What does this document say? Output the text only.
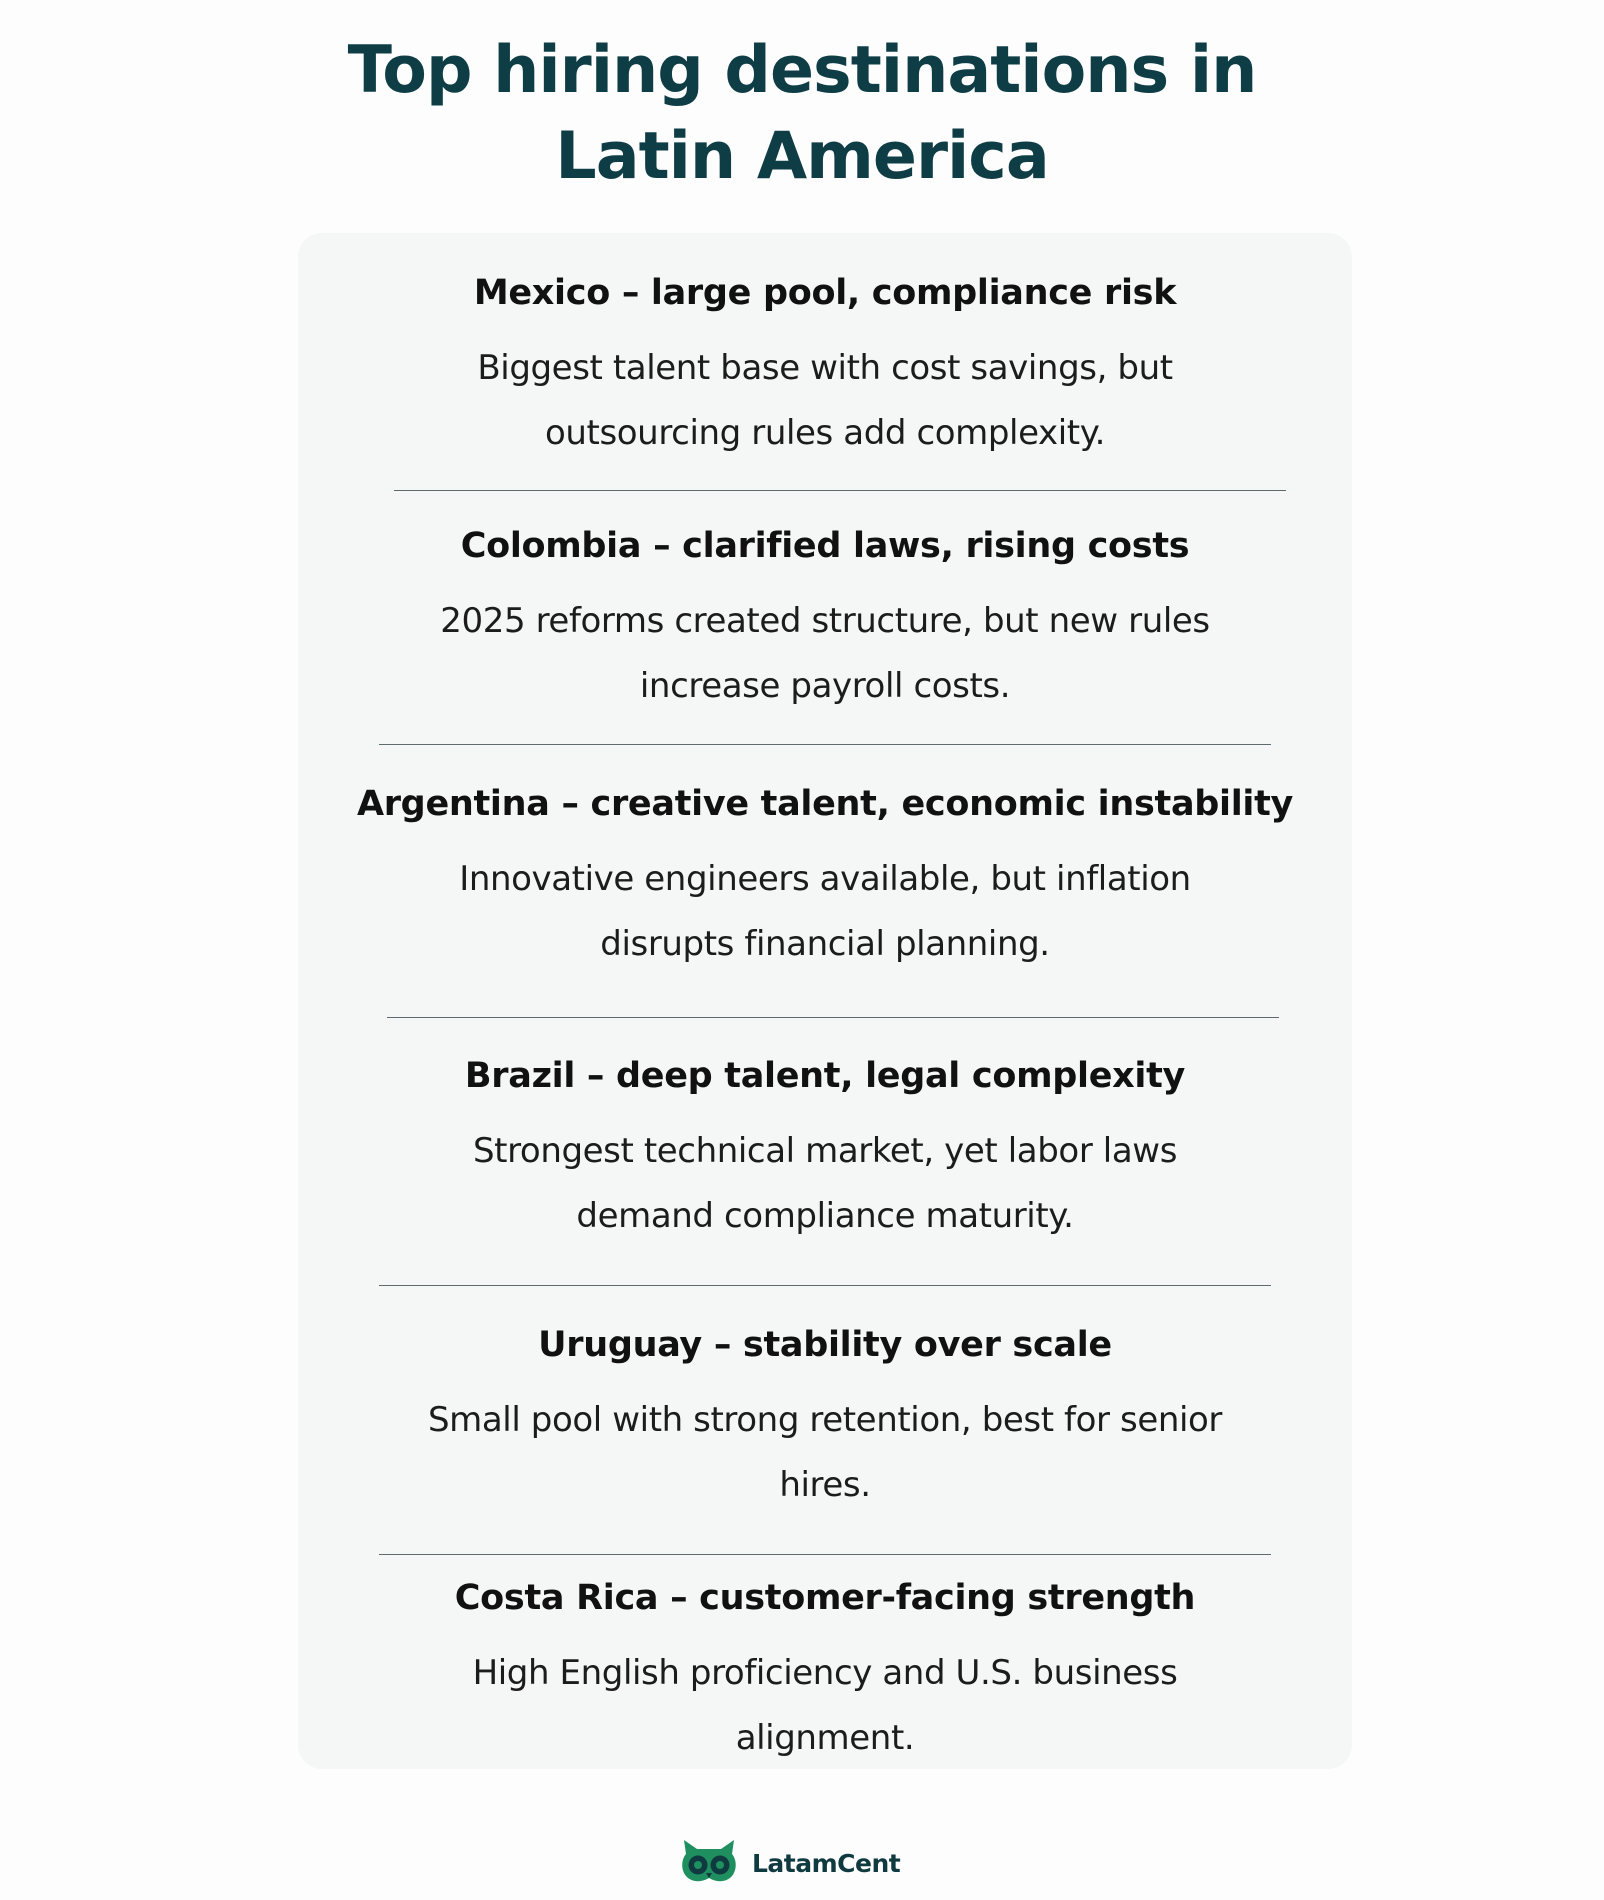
Top hiring destinations in Latin America
Mexico – large pool, compliance risk
Biggest talent base with cost savings, but outsourcing rules add complexity.
Colombia – clarified laws, rising costs
2025 reforms created structure, but new rules increase payroll costs.
Argentina – creative talent, economic instability
Innovative engineers available, but inflation disrupts financial planning.
Brazil – deep talent, legal complexity
Strongest technical market, yet labor laws demand compliance maturity.
Uruguay – stability over scale
Small pool with strong retention, best for senior hires.
Costa Rica – customer-facing strength
High English proficiency and U.S. business alignment.
LatamCent
